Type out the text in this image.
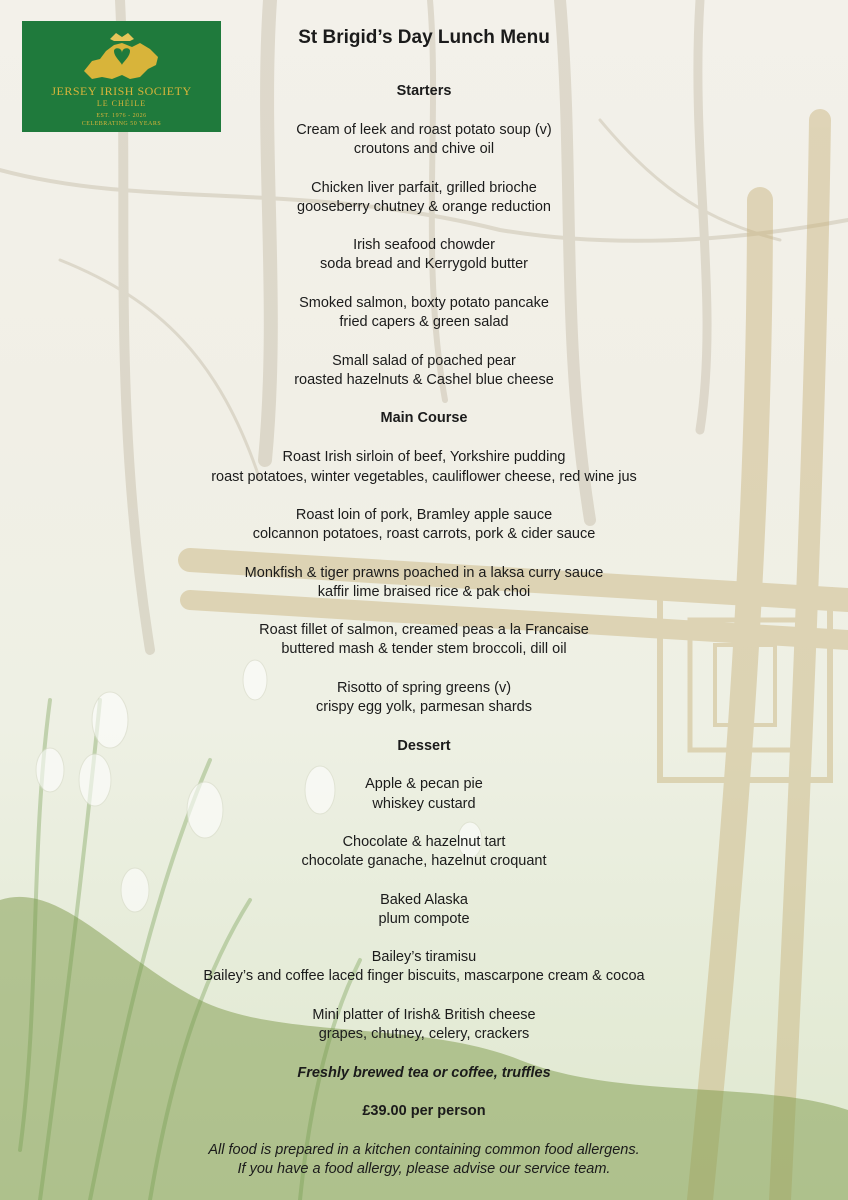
JERSEY IRISH SOCIETY
LE CHÉILE
EST. 1976 - 2026
CELEBRATING 50 YEARS
St Brigid’s Day Lunch Menu
Starters
Cream of leek and roast potato soup (v)
croutons and chive oil
Chicken liver parfait, grilled brioche
gooseberry chutney & orange reduction
Irish seafood chowder
soda bread and Kerrygold butter
Smoked salmon, boxty potato pancake
fried capers & green salad
Small salad of poached pear
roasted hazelnuts & Cashel blue cheese
Main Course
Roast Irish sirloin of beef, Yorkshire pudding
roast potatoes, winter vegetables, cauliflower cheese, red wine jus
Roast loin of pork, Bramley apple sauce
colcannon potatoes, roast carrots, pork & cider sauce
Monkfish & tiger prawns poached in a laksa curry sauce
kaffir lime braised rice & pak choi
Roast fillet of salmon, creamed peas a la Francaise
buttered mash & tender stem broccoli, dill oil
Risotto of spring greens (v)
crispy egg yolk, parmesan shards
Dessert
Apple & pecan pie
whiskey custard
Chocolate & hazelnut tart
chocolate ganache, hazelnut croquant
Baked Alaska
plum compote
Bailey’s tiramisu
Bailey’s and coffee laced finger biscuits, mascarpone cream & cocoa
Mini platter of Irish& British cheese
grapes, chutney, celery, crackers
Freshly brewed tea or coffee, truffles
£39.00 per person
All food is prepared in a kitchen containing common food allergens.
If you have a food allergy, please advise our service team.
